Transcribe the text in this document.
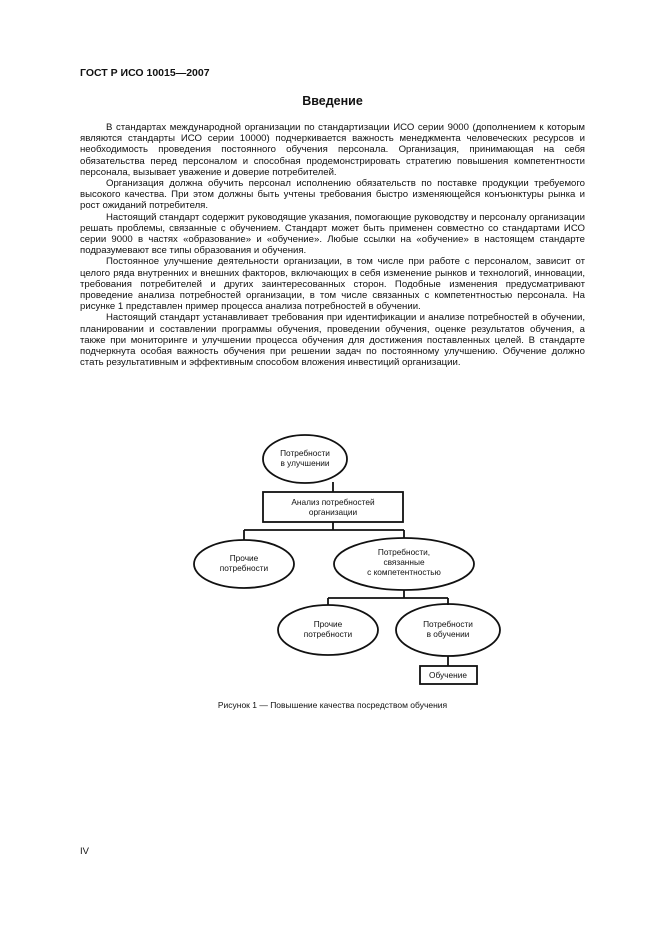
ГОСТ Р ИСО 10015—2007
Введение

В стандартах международной организации по стандартизации ИСО серии 9000 (дополнением к которым являются стандарты ИСО серии 10000) подчеркивается важность менеджмента человеческих ресурсов и необходимость проведения постоянного обучения персонала. Организация, принимающая на себя обязательства перед персоналом и способная продемонстрировать стратегию повышения компетентности персонала, вызывает уважение и доверие потребителей.

Организация должна обучить персонал исполнению обязательств по поставке продукции требуемого высокого качества. При этом должны быть учтены требования быстро изменяющейся конъюнктуры рынка и рост ожиданий потребителя.

Настоящий стандарт содержит руководящие указания, помогающие руководству и персоналу организации решать проблемы, связанные с обучением. Стандарт может быть применен совместно со стандартами ИСО серии 9000 в частях «образование» и «обучение». Любые ссылки на «обучение» в настоящем стандарте подразумевают все типы образования и обучения.

Постоянное улучшение деятельности организации, в том числе при работе с персоналом, зависит от целого ряда внутренних и внешних факторов, включающих в себя изменение рынков и технологий, инновации, требования потребителей и других заинтересованных сторон. Подобные изменения предусматривают проведение анализа потребностей организации, в том числе связанных с компетентностью персонала. На рисунке 1 представлен пример процесса анализа потребностей в обучении.

Настоящий стандарт устанавливает требования при идентификации и анализе потребностей в обучении, планировании и составлении программы обучения, проведении обучения, оценке результатов обучения, а также при мониторинге и улучшении процесса обучения для достижения поставленных целей. В стандарте подчеркнута особая важность обучения при решении задач по постоянному улучшению. Обучение должно стать результативным и эффективным способом вложения инвестиций организации.

Потребности
в улучшении
Анализ потребностей
организации
Прочие
потребности
Потребности,
связанные
с компетентностью
Прочие
потребности
Потребности
в обучении
Обучение
Рисунок 1 — Повышение качества посредством обучения
IV
